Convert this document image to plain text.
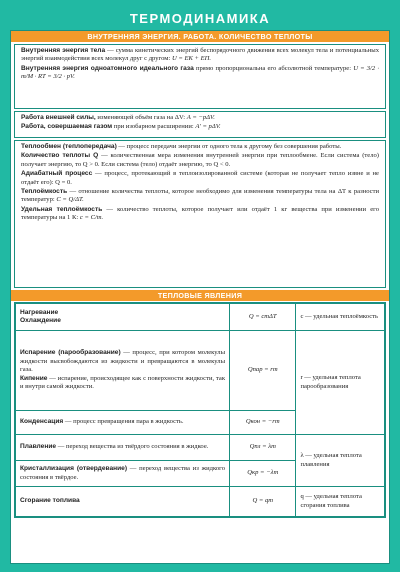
ТЕРМОДИНАМИКА
ВНУТРЕННЯЯ ЭНЕРГИЯ. РАБОТА. КОЛИЧЕСТВО ТЕПЛОТЫ

Внутренняя энергия тела — сумма кинетических энергий беспорядочного движения всех молекул тела и потенциальных энергий взаимодействия всех молекул друг с другом: U = EК + EП.

Внутренняя энергия одноатомного идеального газа прямо пропорциональна его абсолютной температуре: U = 3/2 · m/M · RT = 3/2 · pV.

Работа внешней силы, изменяющей объём газа на ΔV: A = −pΔV.

Работа, совершаемая газом при изобарном расширении: A′ = pΔV.

Теплообмен (теплопередача) — процесс передачи энергии от одного тела к другому без совершения работы.

Количество теплоты Q — количественная мера изменения внутренней энергии при теплообмене. Если система (тело) получает энергию, то Q > 0. Если система (тело) отдаёт энергию, то Q < 0.

Адиабатный процесс — процесс, протекающий в теплоизолированной системе (которая не получает тепло извне и не отдаёт его): Q = 0.

Теплоёмкость — отношение количества теплоты, которое необходимо для изменения температуры тела на ΔT к разности температур: C = Q/ΔT.

Удельная теплоёмкость — количество теплоты, которое получает или отдаёт 1 кг вещества при изменении его температуры на 1 К: c = C/m.

ТЕПЛОВЫЕ ЯВЛЕНИЯ
Нагревание
Охлаждение	Q = cmΔT	c — удельная теплоёмкость
Испарение (парообразование) — процесс, при котором молекулы жидкости высвобождаются из жидкости и превращаются в молекулы газа.
Кипение — испарение, происходящее как с поверхности жидкости, так и внутри самой жидкости.	Qпар = rm	r — удельная теплота парообразования
Конденсация — процесс превращения пара в жидкость.	Qкон = −rm	
Плавление — переход вещества из твёрдого состояния в жидкое.	Qпл = λm	λ — удельная теплота плавления
Кристаллизация (отвердевание) — переход вещества из жидкого состояния в твёрдое.	Qкр = −λm	
Сгорание топлива	Q = qm	q — удельная теплота сгорания топлива
